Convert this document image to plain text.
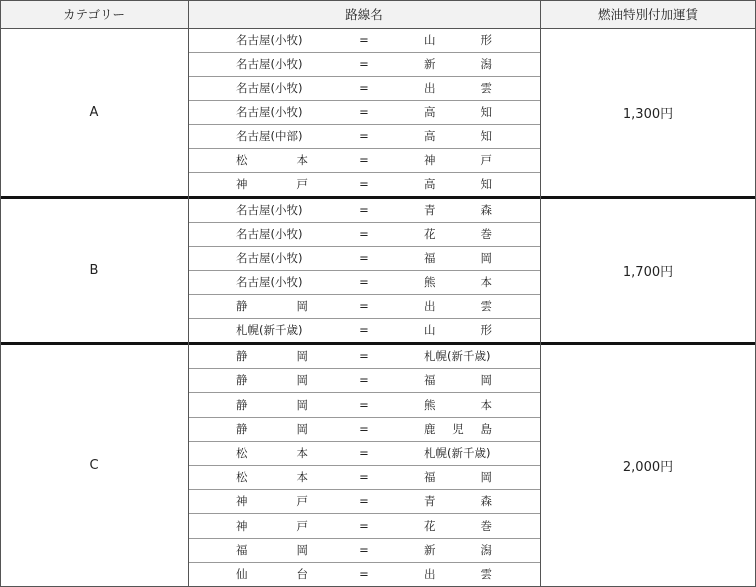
カテゴリー	路線名	燃油特別付加運賃
A	1,300円
名古屋(小牧)	=	山	形
名古屋(小牧)	=	新	潟
名古屋(小牧)	=	出	雲
名古屋(小牧)	=	高	知
名古屋(中部)	=	高	知
松	本	=	神	戸
神	戸	=	高	知
B	1,700円
名古屋(小牧)	=	青	森
名古屋(小牧)	=	花	巻
名古屋(小牧)	=	福	岡
名古屋(小牧)	=	熊	本
静	岡	=	出	雲
札幌(新千歳)	=	山	形
C	2,000円
静	岡	=	札幌(新千歳)
静	岡	=	福	岡
静	岡	=	熊	本
静	岡	=	鹿 児 島
松	本	=	札幌(新千歳)
松	本	=	福	岡
神	戸	=	青	森
神	戸	=	花	巻
福	岡	=	新	潟
仙	台	=	出	雲
